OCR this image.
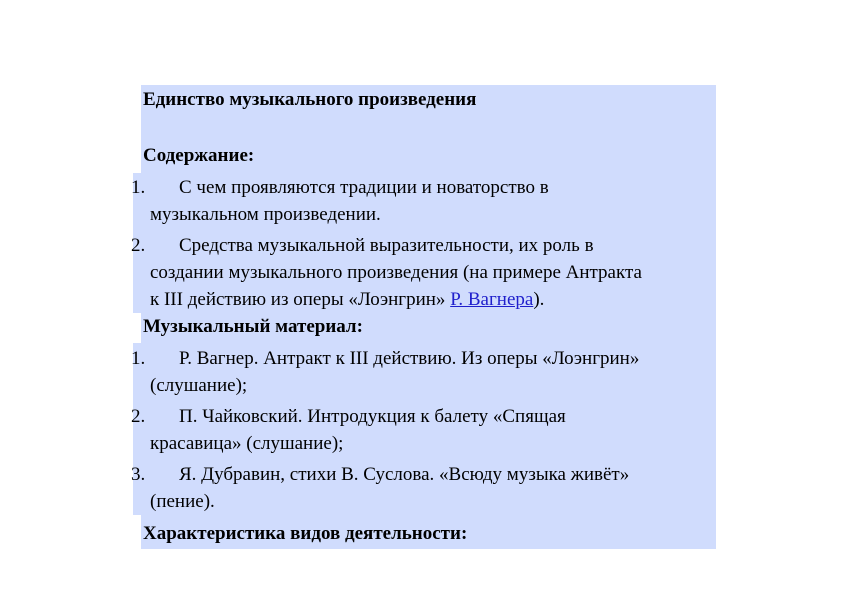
Единство музыкального произведения
Содержание:
1. С чем проявляются традиции и новаторство в
музыкальном произведении.
2. Средства музыкальной выразительности, их роль в
создании музыкального произведения (на примере Антракта
к III действию из оперы «Лоэнгрин» Р. Вагнера).
Музыкальный материал:
1. Р. Вагнер. Антракт к III действию. Из оперы «Лоэнгрин»
(слушание);
2. П. Чайковский. Интродукция к балету «Спящая
красавица» (слушание);
3. Я. Дубравин, стихи В. Суслова. «Всюду музыка живёт»
(пение).
Характеристика видов деятельности:
